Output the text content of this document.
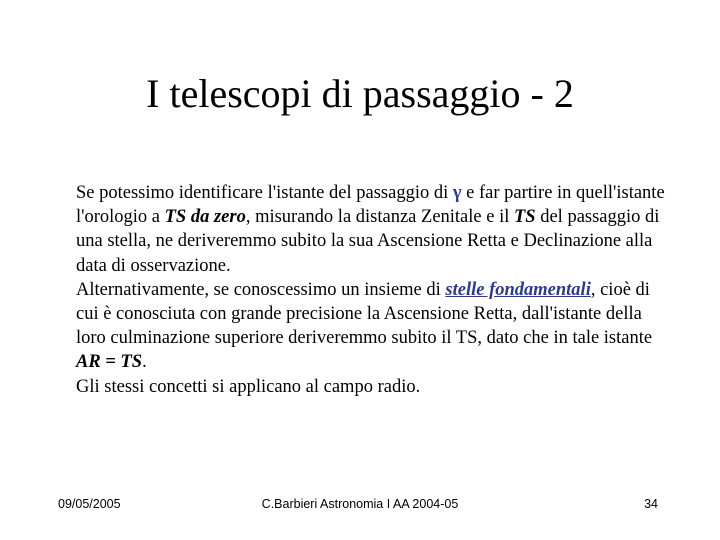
I telescopi di passaggio - 2

Se potessimo identificare l'istante del passaggio di γ e far partire in quell'istante l'orologio a TS da zero, misurando la distanza Zenitale e il TS del passaggio di una stella, ne deriveremmo subito la sua Ascensione Retta e Declinazione alla data di osservazione.

Alternativamente, se conoscessimo un insieme di stelle fondamentali, cioè di cui è conosciuta con grande precisione la Ascensione Retta, dall'istante della loro culminazione superiore deriveremmo subito il TS, dato che in tale istante AR = TS.

Gli stessi concetti si applicano al campo radio.

09/05/2005	C.Barbieri Astronomia I AA 2004-05	34
